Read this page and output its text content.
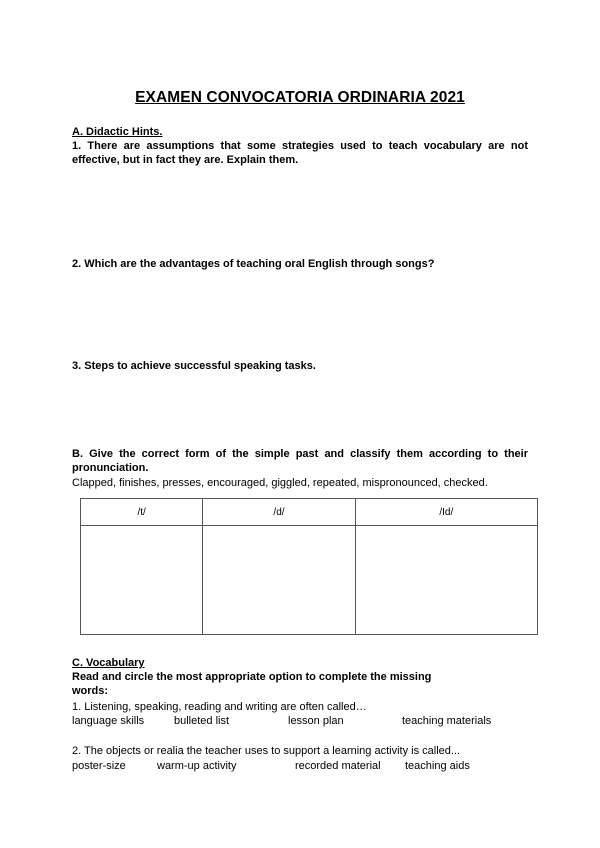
EXAMEN CONVOCATORIA ORDINARIA 2021
A. Didactic Hints.
1. There are assumptions that some strategies used to teach vocabulary are not effective, but in fact they are. Explain them.
2. Which are the advantages of teaching oral English through songs?
3. Steps to achieve successful speaking tasks.
B. Give the correct form of the simple past and classify them according to their pronunciation.
Clapped, finishes, presses, encouraged, giggled, repeated, mispronounced, checked.
/t/	/d/	/Id/

C. Vocabulary
Read and circle the most appropriate option to complete the missing words:
1. Listening, speaking, reading and writing are often called…
language skills	bulleted list	lesson plan	teaching materials
2. The objects or realia the teacher uses to support a learning activity is called...
poster-size	warm-up activity	recorded material teaching aids
